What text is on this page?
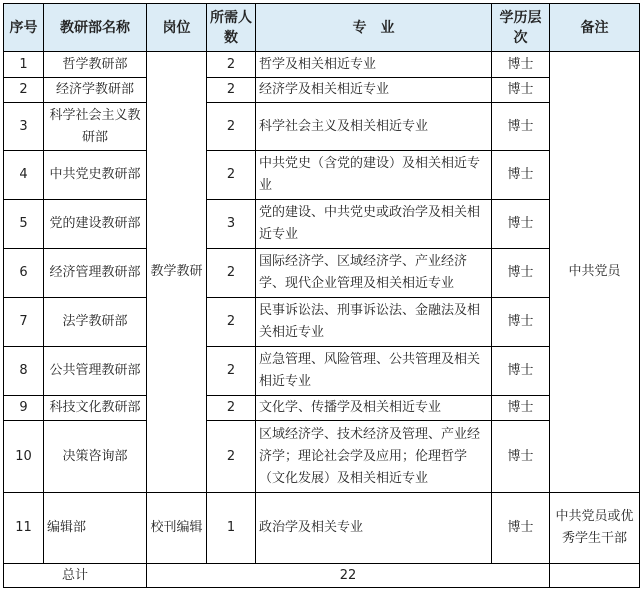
序号	教研部名称	岗位	所需人数	专　业	学历层次	备注
1	哲学教研部	教学教研	2	哲学及相关相近专业	博士	中共党员
2	经济学教研部		2	经济学及相关相近专业	博士	
3	科学社会主义教研部		2	科学社会主义及相关相近专业	博士	
4	中共党史教研部		2	中共党史（含党的建设）及相关相近专业	博士	
5	党的建设教研部		3	党的建设、中共党史或政治学及相关相近专业	博士	
6	经济管理教研部		2	国际经济学、区域经济学、产业经济学、现代企业管理及相关相近专业	博士	
7	法学教研部		2	民事诉讼法、刑事诉讼法、金融法及相关相近专业	博士	
8	公共管理教研部		2	应急管理、风险管理、公共管理及相关相近专业	博士	
9	科技文化教研部		2	文化学、传播学及相关相近专业	博士	
10	决策咨询部		2	区域经济学、技术经济及管理、产业经济学；理论社会学及应用；伦理哲学（文化发展）及相关相近专业	博士	
11	编辑部	校刊编辑	1	政治学及相关专业	博士	中共党员或优秀学生干部
总计		22				
